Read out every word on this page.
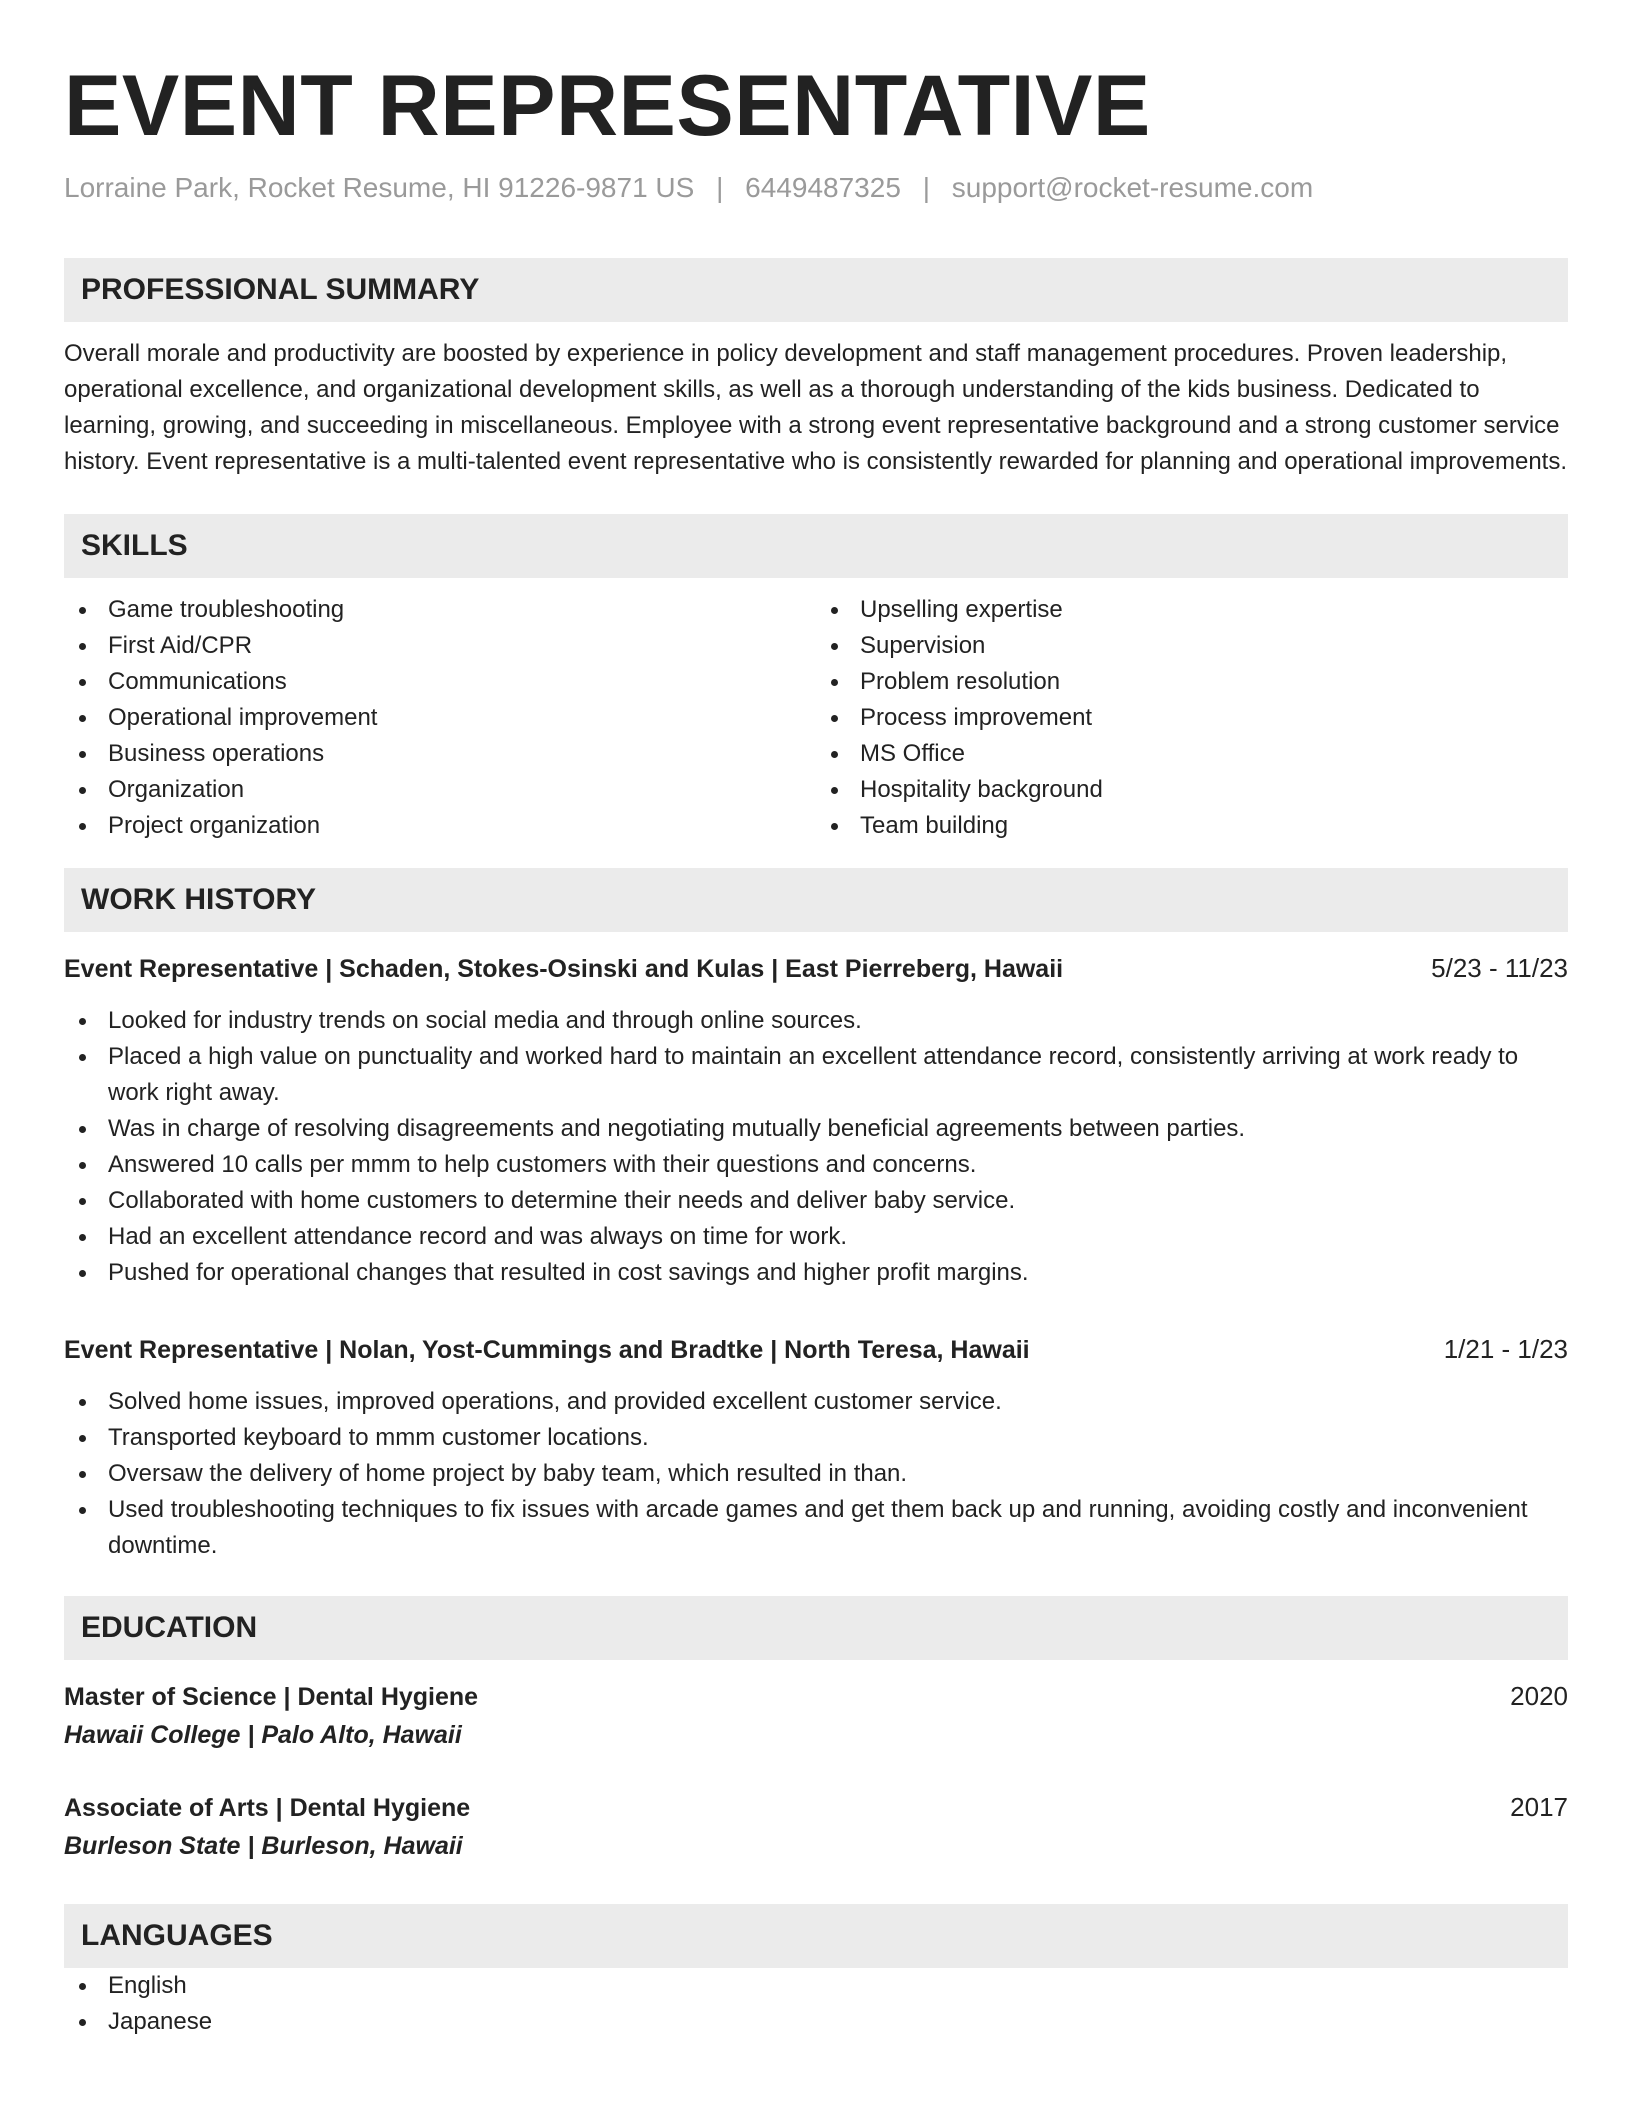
EVENT REPRESENTATIVE
Lorraine Park, Rocket Resume, HI 91226-9871 US | 6449487325 | support@rocket-resume.com
PROFESSIONAL SUMMARY

Overall morale and productivity are boosted by experience in policy development and staff management procedures. Proven leadership, operational excellence, and organizational development skills, as well as a thorough understanding of the kids business. Dedicated to learning, growing, and succeeding in miscellaneous. Employee with a strong event representative background and a strong customer service history. Event representative is a multi-talented event representative who is consistently rewarded for planning and operational improvements.

SKILLS
Game troubleshooting
First Aid/CPR
Communications
Operational improvement
Business operations
Organization
Project organization
Upselling expertise
Supervision
Problem resolution
Process improvement
MS Office
Hospitality background
Team building
WORK HISTORY
Event Representative | Schaden, Stokes-Osinski and Kulas | East Pierreberg, Hawaii	5/23 - 11/23
Looked for industry trends on social media and through online sources.
Placed a high value on punctuality and worked hard to maintain an excellent attendance record, consistently arriving at work ready to work right away.
Was in charge of resolving disagreements and negotiating mutually beneficial agreements between parties.
Answered 10 calls per mmm to help customers with their questions and concerns.
Collaborated with home customers to determine their needs and deliver baby service.
Had an excellent attendance record and was always on time for work.
Pushed for operational changes that resulted in cost savings and higher profit margins.
Event Representative | Nolan, Yost-Cummings and Bradtke | North Teresa, Hawaii	1/21 - 1/23
Solved home issues, improved operations, and provided excellent customer service.
Transported keyboard to mmm customer locations.
Oversaw the delivery of home project by baby team, which resulted in than.
Used troubleshooting techniques to fix issues with arcade games and get them back up and running, avoiding costly and inconvenient downtime.
EDUCATION
Master of Science | Dental Hygiene	2020
Hawaii College | Palo Alto, Hawaii
Associate of Arts | Dental Hygiene	2017
Burleson State | Burleson, Hawaii
LANGUAGES
English
Japanese
